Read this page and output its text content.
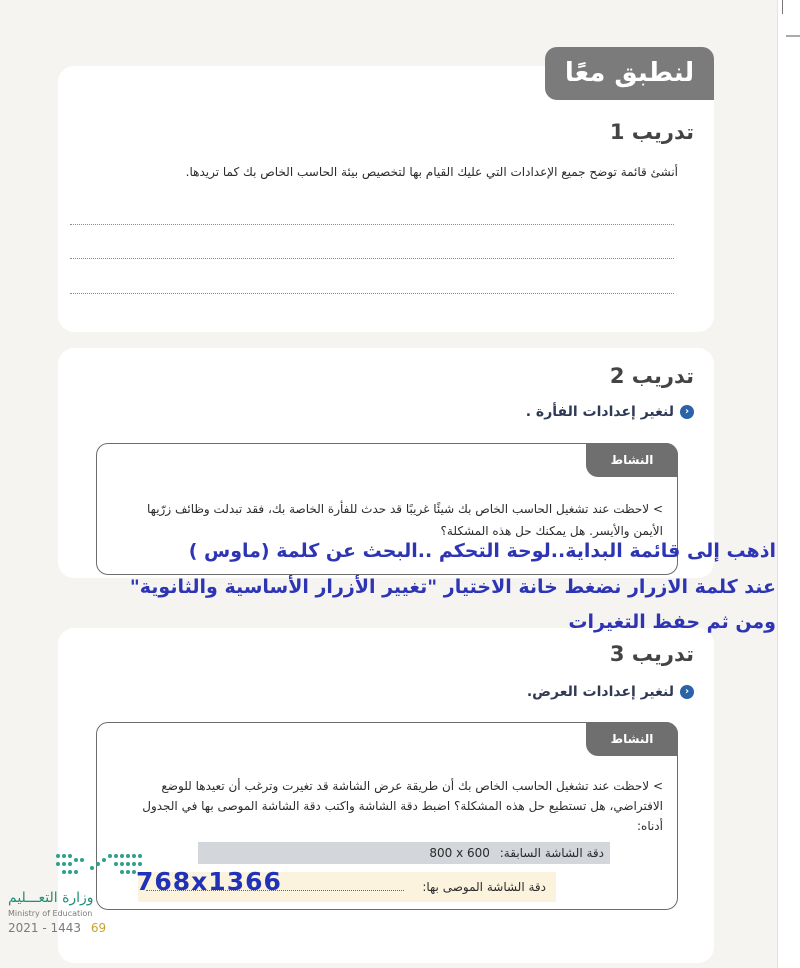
لنطبق معًا
تدريب 1
أنشئ قائمة توضح جميع الإعدادات التي عليك القيام بها لتخصيص بيئة الحاسب الخاص بك كما تريدها.
تدريب 2
‹
لنغير إعدادات الفأرة .
النشاط
> لاحظت عند تشغيل الحاسب الخاص بك شيئًا غريبًا قد حدث للفأرة الخاصة بك، فقد تبدلت وظائف زرّيها
الأيمن والأيسر. هل يمكنك حل هذه المشكلة؟
تدريب 3
‹
لنغير إعدادات العرض.
النشاط
> لاحظت عند تشغيل الحاسب الخاص بك أن طريقة عرض الشاشة قد تغيرت وترغب أن تعيدها للوضع
الافتراضي، هل تستطيع حل هذه المشكلة؟ اضبط دقة الشاشة واكتب دقة الشاشة الموصى بها في الجدول
أدناه:
دقة الشاشة السابقة: 800 x 600
دقة الشاشة الموصى بها:
768x1366
اذهب إلى قائمة البداية..لوحة التحكم ..البحث عن كلمة (ماوس )
عند كلمة الازرار نضغط خانة الاختيار "تغيير الأزرار الأساسية والثانوية"
ومن ثم حفظ التغيرات
وزارة التعـــليم
Ministry of Education
2021 - 1443 69
